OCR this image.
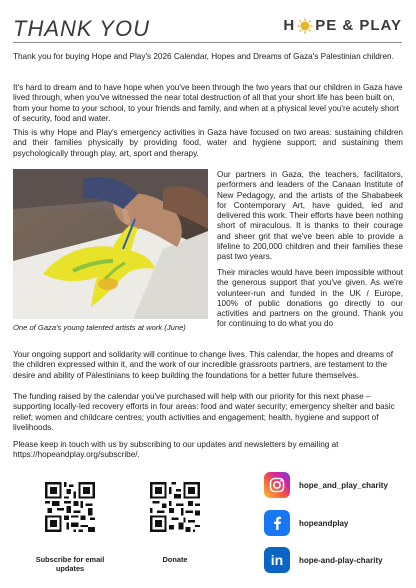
THANK YOU	H PE & PLAY

Thank you for buying Hope and Play's 2026 Calendar, Hopes and Dreams of Gaza's Palestinian children.

It's hard to dream and to have hope when you've been through the two years that our children in Gaza have lived through, when you've witnessed the near total destruction of all that your short life has been built on, from your home to your school, to your friends and family, and when at a physical level you're acutely short of security, food and water.

This is why Hope and Play's emergency activities in Gaza have focused on two areas: sustaining children and their families physically by providing food, water and hygiene support; and sustaining them psychologically through play, art, sport and therapy.

One of Gaza's young talented artists at work (June)

Our partners in Gaza, the teachers, facilitators, performers and leaders of the Canaan Institute of New Pedagogy, and the artists of the Shababeek for Contemporary Art, have guided, led and delivered this work. Their efforts have been nothing short of miraculous. It is thanks to their courage and sheer grit that we've been able to provide a lifeline to 200,000 children and their families these past two years.

Their miracles would have been impossible without the generous support that you've given. As we're volunteer-run and funded in the UK / Europe, 100% of public donations go directly to our activities and partners on the ground. Thank you for continuing to do what you do

Your ongoing support and solidarity will continue to change lives. This calendar, the hopes and dreams of the children expressed within it, and the work of our incredible grassroots partners, are testament to the desire and ability of Palestinians to keep building the foundations for a better future themselves.

The funding raised by the calendar you've purchased will help with our priority for this next phase – supporting locally-led recovery efforts in four areas: food and water security; emergency shelter and basic relief; women and childcare centres; youth activities and engagement; health, hygiene and support of livelihoods.

Please keep in touch with us by subscribing to our updates and newsletters by emailing at https://hopeandplay.org/subscribe/.

Subscribe for email updates
Donate
hope_and_play_charity
hopeandplay
in hope-and-play-charity
